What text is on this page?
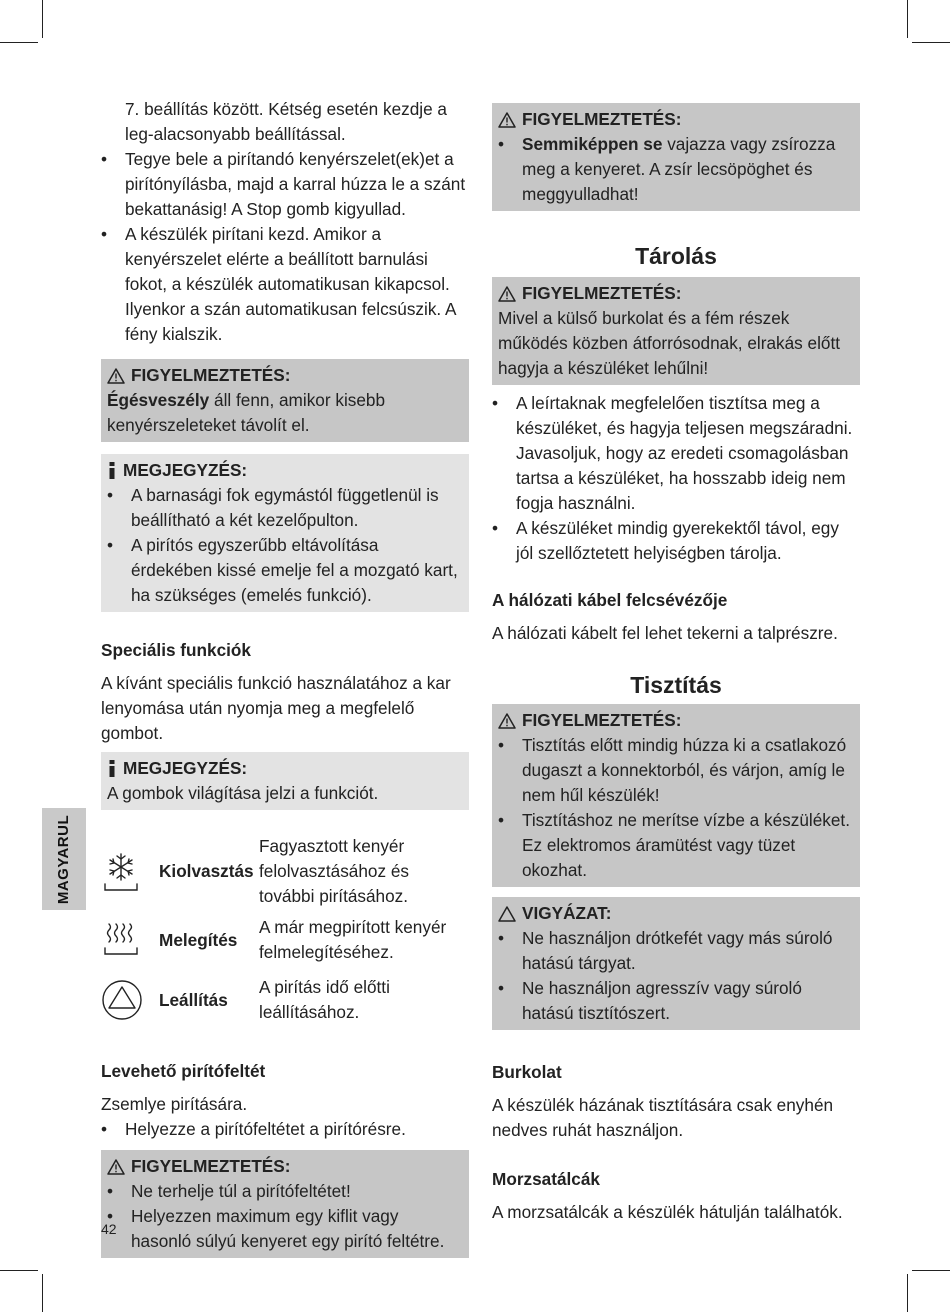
MAGYARUL

7. beállítás között. Kétség esetén kezdje a leg-alacsonyabb beállítással.

• Tegye bele a pirítandó kenyérszelet(ek)et a pirítónyílásba, majd a karral húzza le a szánt bekattanásig! A Stop gomb kigyullad.
• A készülék pirítani kezd. Amikor a kenyérszelet elérte a beállított barnulási fokot, a készülék automatikusan kikapcsol. Ilyenkor a szán automatikusan felcsúszik. A fény kialszik.
FIGYELMEZTETÉS:

Égésveszély áll fenn, amikor kisebb kenyérszeleteket távolít el.

MEGJEGYZÉS:
• A barnasági fok egymástól függetlenül is beállítható a két kezelőpulton.
• A pirítós egyszerűbb eltávolítása érdekében kissé emelje fel a mozgató kart, ha szükséges (emelés funkció).
Speciális funkciók

A kívánt speciális funkció használatához a kar lenyomása után nyomja meg a megfelelő gombot.

MEGJEGYZÉS:

A gombok világítása jelzi a funkciót.

Kiolvasztás
Fagyasztott kenyér felolvasztásához és további pirításához.
Melegítés
A már megpirított kenyér felmelegítéséhez.
Leállítás
A pirítás idő előtti leállításához.
Levehető pirítófeltét

Zsemlye pirítására.

• Helyezze a pirítófeltétet a pirítórésre.
FIGYELMEZTETÉS:
• Ne terhelje túl a pirítófeltétet!
• Helyezzen maximum egy kiflit vagy hasonló súlyú kenyeret egy pirító feltétre.
FIGYELMEZTETÉS:
• Semmiképpen se vajazza vagy zsírozza meg a kenyeret. A zsír lecsöpöghet és meggyulladhat!
Tárolás
FIGYELMEZTETÉS:

Mivel a külső burkolat és a fém részek működés közben átforrósodnak, elrakás előtt hagyja a készüléket lehűlni!

• A leírtaknak megfelelően tisztítsa meg a készüléket, és hagyja teljesen megszáradni. Javasoljuk, hogy az eredeti csomagolásban tartsa a készüléket, ha hosszabb ideig nem fogja használni.
• A készüléket mindig gyerekektől távol, egy jól szellőztetett helyiségben tárolja.
A hálózati kábel felcsévézője

A hálózati kábelt fel lehet tekerni a talprészre.

Tisztítás
FIGYELMEZTETÉS:
• Tisztítás előtt mindig húzza ki a csatlakozó dugaszt a konnektorból, és várjon, amíg le nem hűl készülék!
• Tisztításhoz ne merítse vízbe a készüléket. Ez elektromos áramütést vagy tüzet okozhat.
VIGYÁZAT:
• Ne használjon drótkefét vagy más súroló hatású tárgyat.
• Ne használjon agresszív vagy súroló hatású tisztítószert.
Burkolat

A készülék házának tisztítására csak enyhén nedves ruhát használjon.

Morzsatálcák

A morzsatálcák a készülék hátulján találhatók.

42
